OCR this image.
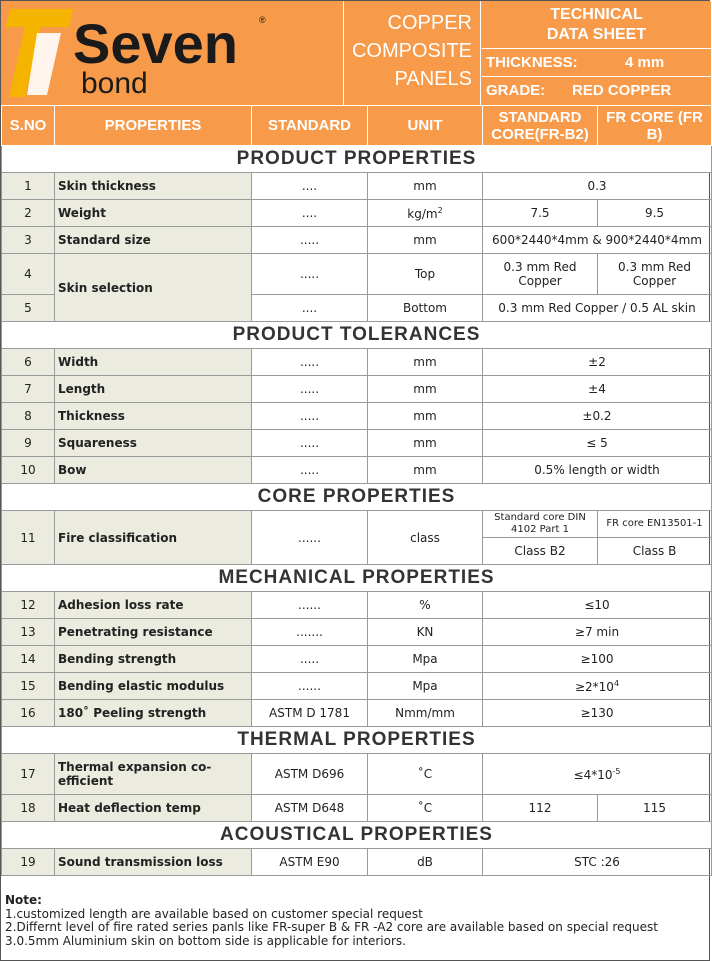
Seven ®
bond
COPPER
COMPOSITE
PANELS
TECHNICAL
DATA SHEET
THICKNESS:	4 mm
GRADE: RED COPPER
S.NO	PROPERTIES	STANDARD	UNIT	STANDARD CORE(FR-B2)	FR CORE (FR B)
PRODUCT PROPERTIES					
1	Skin thickness	....	mm	0.3	
2	Weight	....	$kg/m^2$	7.5	9.5
3	Standard size	.....	mm	600*2440*4mm & 900*2440*4mm	
4	Skin selection	.....	Top	0.3 mm Red Copper	0.3 mm Red Copper
5		....	Bottom	0.3 mm Red Copper / 0.5 AL skin	
PRODUCT TOLERANCES					
6	Width	.....	mm	±2	
7	Length	.....	mm	±4	
8	Thickness	.....	mm	±0.2	
9	Squareness	.....	mm	≤ 5	
10	Bow	.....	mm	0.5% length or width	
CORE PROPERTIES					
11	Fire classification	......	class	Standard core DIN 4102 Part 1	FR core EN13501-1
				Class B2	Class B
MECHANICAL PROPERTIES					
12	Adhesion loss rate	......	%	≤10	
13	Penetrating resistance	.......	KN	≥7 min	
14	Bending strength	.....	Mpa	≥100	
15	Bending elastic modulus	......	Mpa	$\ge 2*10^4$
16	180˚ Peeling strength	ASTM D 1781	Nmm/mm	≥130	
THERMAL PROPERTIES					
17	Thermal expansion co-efficient	ASTM D696	˚C	$\le 4*10^{-5}$
18	Heat deflection temp	ASTM D648	˚C	112	115
ACOUSTICAL PROPERTIES					
19	Sound transmission loss	ASTM E90	dB	STC :26	
Note:
1.customized length are available based on customer special request
2.Differnt level of fire rated series panls like FR-super B & FR -A2 core are available based on special request
3.0.5mm Aluminium skin on bottom side is applicable for interiors.
